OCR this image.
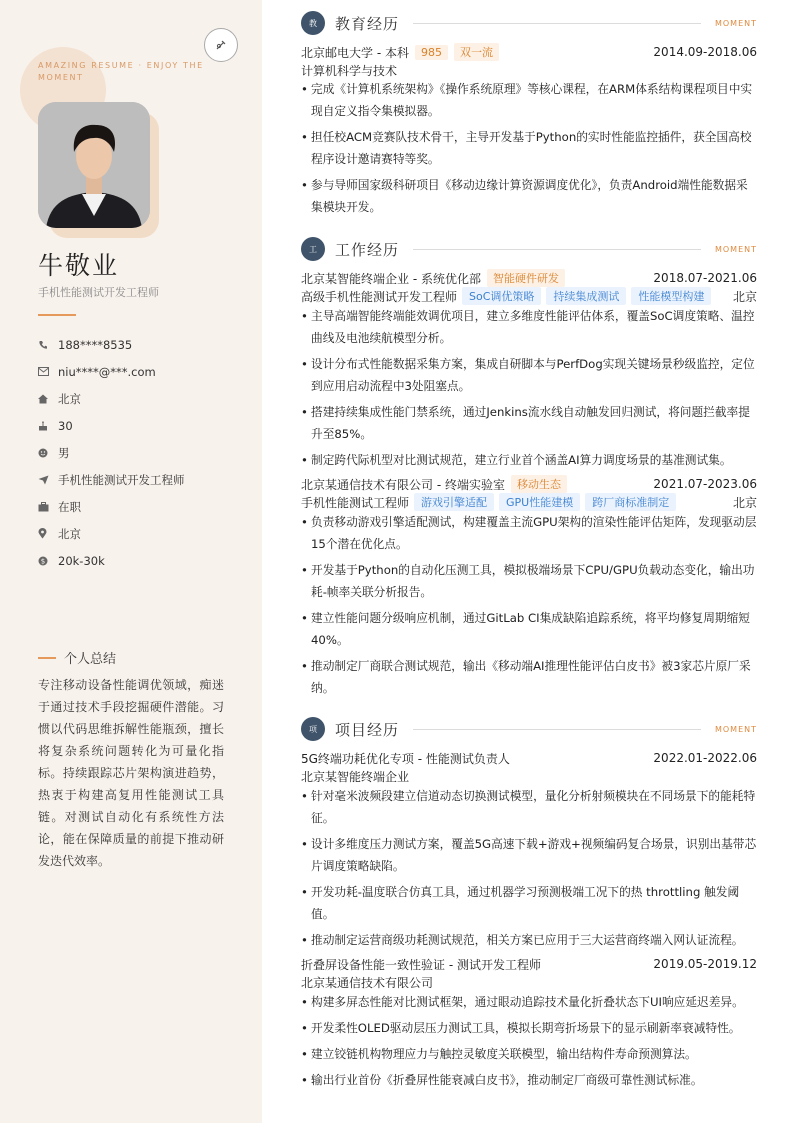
AMAZING RESUME · ENJOY THE MOMENT
牛敬业
手机性能测试开发工程师
188****8535
niu****@***.com
北京
30
男
手机性能测试开发工程师
在职
北京
$ 20k-30k
个人总结
专注移动设备性能调优领域，痴迷于通过技术手段挖掘硬件潜能。习惯以代码思维拆解性能瓶颈，擅长将复杂系统问题转化为可量化指标。持续跟踪芯片架构演进趋势，热衷于构建高复用性能测试工具链。对测试自动化有系统性方法论，能在保障质量的前提下推动研发迭代效率。
教	教育经历	MOMENT
北京邮电大学 - 本科	985	双一流	2014.09-2018.06
计算机科学与技术
• 完成《计算机系统架构》《操作系统原理》等核心课程，在ARM体系结构课程项目中实现自定义指令集模拟器。
• 担任校ACM竞赛队技术骨干，主导开发基于Python的实时性能监控插件，获全国高校程序设计邀请赛特等奖。
• 参与导师国家级科研项目《移动边缘计算资源调度优化》，负责Android端性能数据采集模块开发。
工	工作经历	MOMENT
北京某智能终端企业 - 系统优化部	智能硬件研发	2018.07-2021.06
高级手机性能测试开发工程师	SoC调优策略	持续集成测试	性能模型构建	北京
• 主导高端智能终端能效调优项目，建立多维度性能评估体系，覆盖SoC调度策略、温控曲线及电池续航模型分析。
• 设计分布式性能数据采集方案，集成自研脚本与PerfDog实现关键场景秒级监控，定位到应用启动流程中3处阻塞点。
• 搭建持续集成性能门禁系统，通过Jenkins流水线自动触发回归测试，将问题拦截率提升至85%。
• 制定跨代际机型对比测试规范，建立行业首个涵盖AI算力调度场景的基准测试集。
北京某通信技术有限公司 - 终端实验室	移动生态	2021.07-2023.06
手机性能测试工程师	游戏引擎适配	GPU性能建模	跨厂商标准制定	北京
• 负责移动游戏引擎适配测试，构建覆盖主流GPU架构的渲染性能评估矩阵，发现驱动层15个潜在优化点。
• 开发基于Python的自动化压测工具，模拟极端场景下CPU/GPU负载动态变化，输出功耗-帧率关联分析报告。
• 建立性能问题分级响应机制，通过GitLab CI集成缺陷追踪系统，将平均修复周期缩短40%。
• 推动制定厂商联合测试规范，输出《移动端AI推理性能评估白皮书》被3家芯片原厂采纳。
项	项目经历	MOMENT
5G终端功耗优化专项 - 性能测试负责人	2022.01-2022.06
北京某智能终端企业
• 针对毫米波频段建立信道动态切换测试模型，量化分析射频模块在不同场景下的能耗特征。
• 设计多维度压力测试方案，覆盖5G高速下载+游戏+视频编码复合场景，识别出基带芯片调度策略缺陷。
• 开发功耗-温度联合仿真工具，通过机器学习预测极端工况下的热 throttling 触发阈值。
• 推动制定运营商级功耗测试规范，相关方案已应用于三大运营商终端入网认证流程。
折叠屏设备性能一致性验证 - 测试开发工程师	2019.05-2019.12
北京某通信技术有限公司
• 构建多屏态性能对比测试框架，通过眼动追踪技术量化折叠状态下UI响应延迟差异。
• 开发柔性OLED驱动层压力测试工具，模拟长期弯折场景下的显示刷新率衰减特性。
• 建立铰链机构物理应力与触控灵敏度关联模型，输出结构件寿命预测算法。
• 输出行业首份《折叠屏性能衰减白皮书》，推动制定厂商级可靠性测试标准。
